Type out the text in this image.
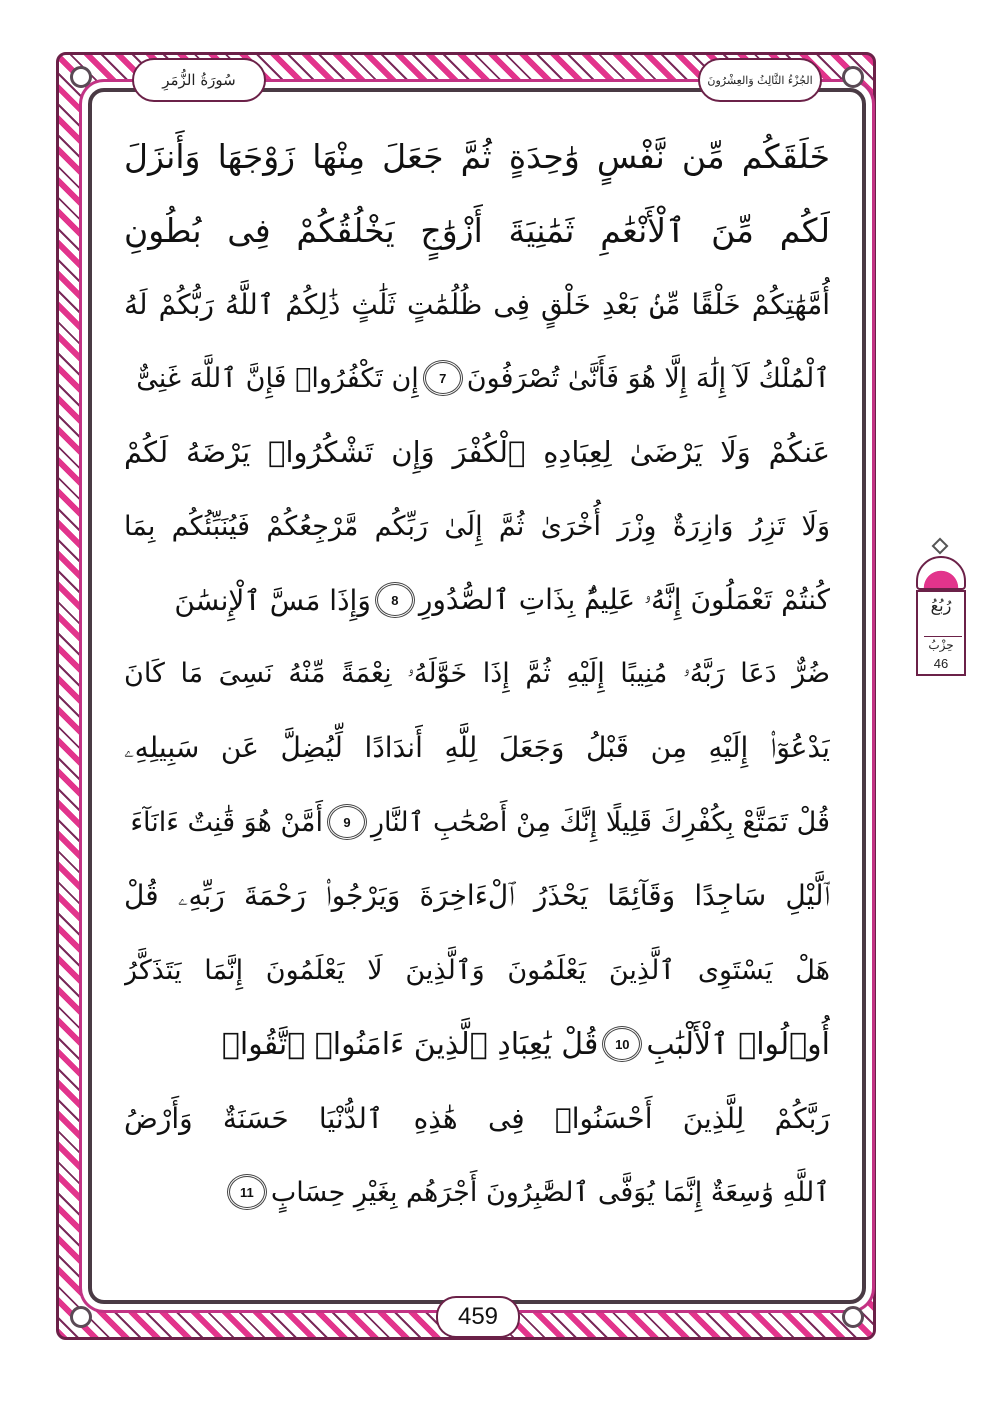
سُورَةُ الزُّمَرِ	الجُزْءُ الثَّالِثُ وَالعِشْرُونَ
خَلَقَكُم مِّن نَّفْسٍ وَٰحِدَةٍ ثُمَّ جَعَلَ مِنْهَا زَوْجَهَا وَأَنزَلَ
لَكُم مِّنَ ٱلْأَنْعَٰمِ ثَمَٰنِيَةَ أَزْوَٰجٍ يَخْلُقُكُمْ فِى بُطُونِ
أُمَّهَٰتِكُمْ خَلْقًا مِّنۢ بَعْدِ خَلْقٍ فِى ظُلُمَٰتٍ ثَلَٰثٍ ذَٰلِكُمُ ٱللَّهُ رَبُّكُمْ لَهُ
ٱلْمُلْكُ لَآ إِلَٰهَ إِلَّا هُوَ فَأَنَّىٰ تُصْرَفُونَ
7
إِن تَكْفُرُوا۟ فَإِنَّ ٱللَّهَ غَنِىٌّ
عَنكُمْ وَلَا يَرْضَىٰ لِعِبَادِهِ ٱلْكُفْرَ وَإِن تَشْكُرُوا۟ يَرْضَهُ لَكُمْ
وَلَا تَزِرُ وَازِرَةٌ وِزْرَ أُخْرَىٰ ثُمَّ إِلَىٰ رَبِّكُم مَّرْجِعُكُمْ فَيُنَبِّئُكُم بِمَا
كُنتُمْ تَعْمَلُونَ إِنَّهُۥ عَلِيمٌۢ بِذَاتِ ٱلصُّدُورِ
8
وَإِذَا مَسَّ ٱلْإِنسَٰنَ
ضُرٌّ دَعَا رَبَّهُۥ مُنِيبًا إِلَيْهِ ثُمَّ إِذَا خَوَّلَهُۥ نِعْمَةً مِّنْهُ نَسِىَ مَا كَانَ
يَدْعُوٓا۟ إِلَيْهِ مِن قَبْلُ وَجَعَلَ لِلَّهِ أَندَادًا لِّيُضِلَّ عَن سَبِيلِهِۦ
قُلْ تَمَتَّعْ بِكُفْرِكَ قَلِيلًا إِنَّكَ مِنْ أَصْحَٰبِ ٱلنَّارِ
9
أَمَّنْ هُوَ قَٰنِتٌ ءَانَآءَ
ٱلَّيْلِ سَاجِدًا وَقَآئِمًا يَحْذَرُ ٱلْءَاخِرَةَ وَيَرْجُوا۟ رَحْمَةَ رَبِّهِۦ قُلْ
هَلْ يَسْتَوِى ٱلَّذِينَ يَعْلَمُونَ وَٱلَّذِينَ لَا يَعْلَمُونَ إِنَّمَا يَتَذَكَّرُ
أُو۟لُوا۟ ٱلْأَلْبَٰبِ
10
قُلْ يَٰعِبَادِ ٱلَّذِينَ ءَامَنُوا۟ ٱتَّقُوا۟
رَبَّكُمْ لِلَّذِينَ أَحْسَنُوا۟ فِى هَٰذِهِ ٱلدُّنْيَا حَسَنَةٌ وَأَرْضُ
ٱللَّهِ وَٰسِعَةٌ إِنَّمَا يُوَفَّى ٱلصَّٰبِرُونَ أَجْرَهُم بِغَيْرِ حِسَابٍ
11
459
رُبُعُ
حِزْبُ
46
